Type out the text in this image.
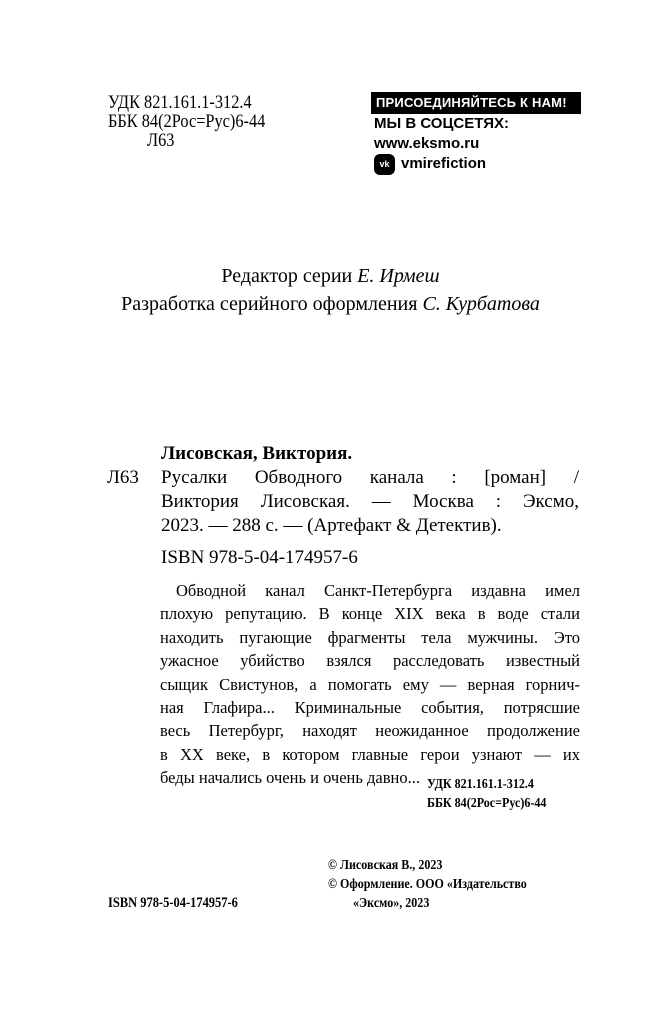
УДК 821.161.1-312.4
ББК 84(2Рос=Рус)6-44
Л63
ПРИСОЕДИНЯЙТЕСЬ К НАМ!
МЫ В СОЦСЕТЯХ:
www.eksmo.ru
vk vmirefiction
Редактор серии Е. Ирмеш
Разработка серийного оформления С. Курбатова
Лисовская, Виктория.
Л63 Русалки Обводного канала : [роман] /
Виктория Лисовская. — Москва : Эксмо,
2023. — 288 с. — (Артефакт & Детектив).
ISBN 978-5-04-174957-6
Обводной канал Санкт-Петербурга издавна имел
плохую репутацию. В конце XIX века в воде стали
находить пугающие фрагменты тела мужчины. Это
ужасное убийство взялся расследовать известный
сыщик Свистунов, а помогать ему — верная горнич-
ная Глафира... Криминальные события, потрясшие
весь Петербург, находят неожиданное продолжение
в XX веке, в котором главные герои узнают — их
беды начались очень и очень давно... УДК 821.161.1-312.4
ББК 84(2Рос=Рус)6-44
© Лисовская В., 2023
© Оформление. ООО «Издательство
«Эксмо», 2023
ISBN 978-5-04-174957-6
